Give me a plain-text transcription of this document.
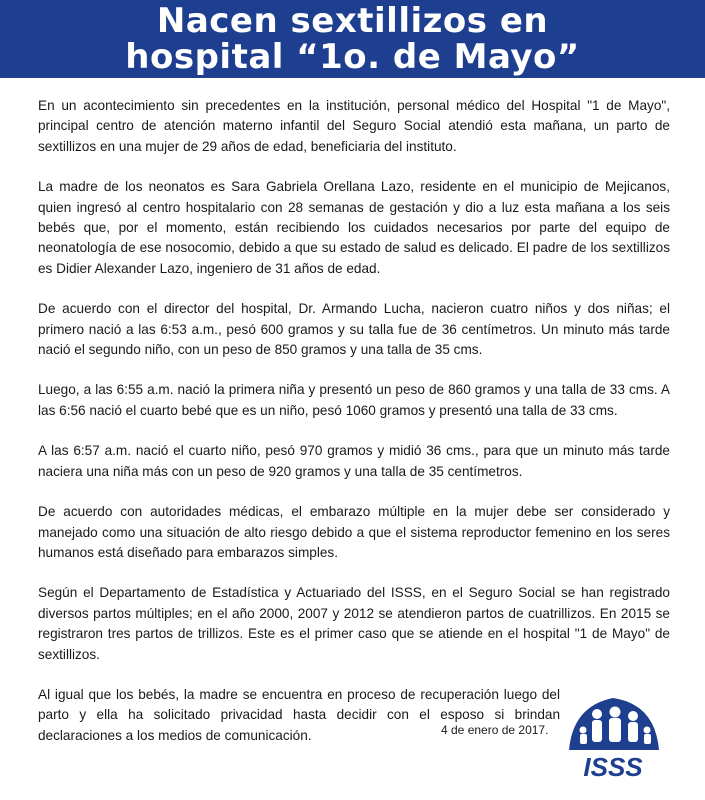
Nacen sextillizos en
hospital “1o. de Mayo”

En un acontecimiento sin precedentes en la institución, personal médico del Hospital "1 de Mayo", principal centro de atención materno infantil del Seguro Social atendió esta mañana, un parto de sextillizos en una mujer de 29 años de edad, beneficiaria del instituto.

La madre de los neonatos es Sara Gabriela Orellana Lazo, residente en el municipio de Mejicanos, quien ingresó al centro hospitalario con 28 semanas de gestación y dio a luz esta mañana a los seis bebés que, por el momento, están recibiendo los cuidados necesarios por parte del equipo de neonatología de ese nosocomio, debido a que su estado de salud es delicado. El padre de los sextillizos es Didier Alexander Lazo, ingeniero de 31 años de edad.

De acuerdo con el director del hospital, Dr. Armando Lucha, nacieron cuatro niños y dos niñas; el primero nació a las 6:53 a.m., pesó 600 gramos y su talla fue de 36 centímetros. Un minuto más tarde nació el segundo niño, con un peso de 850 gramos y una talla de 35 cms.

Luego, a las 6:55 a.m. nació la primera niña y presentó un peso de 860 gramos y una talla de 33 cms. A las 6:56 nació el cuarto bebé que es un niño, pesó 1060 gramos y presentó una talla de 33 cms.

A las 6:57 a.m. nació el cuarto niño, pesó 970 gramos y midió 36 cms., para que un minuto más tarde naciera una niña más con un peso de 920 gramos y una talla de 35 centímetros.

De acuerdo con autoridades médicas, el embarazo múltiple en la mujer debe ser considerado y manejado como una situación de alto riesgo debido a que el sistema reproductor femenino en los seres humanos está diseñado para embarazos simples.

Según el Departamento de Estadística y Actuariado del ISSS, en el Seguro Social se han registrado diversos partos múltiples; en el año 2000, 2007 y 2012 se atendieron partos de cuatrillizos. En 2015 se registraron tres partos de trillizos. Este es el primer caso que se atiende en el hospital "1 de Mayo" de sextillizos.

Al igual que los bebés, la madre se encuentra en proceso de recuperación luego del parto y ella ha solicitado privacidad hasta decidir con el esposo si brindan declaraciones a los medios de comunicación.	4 de enero de 2017.
ISSS
